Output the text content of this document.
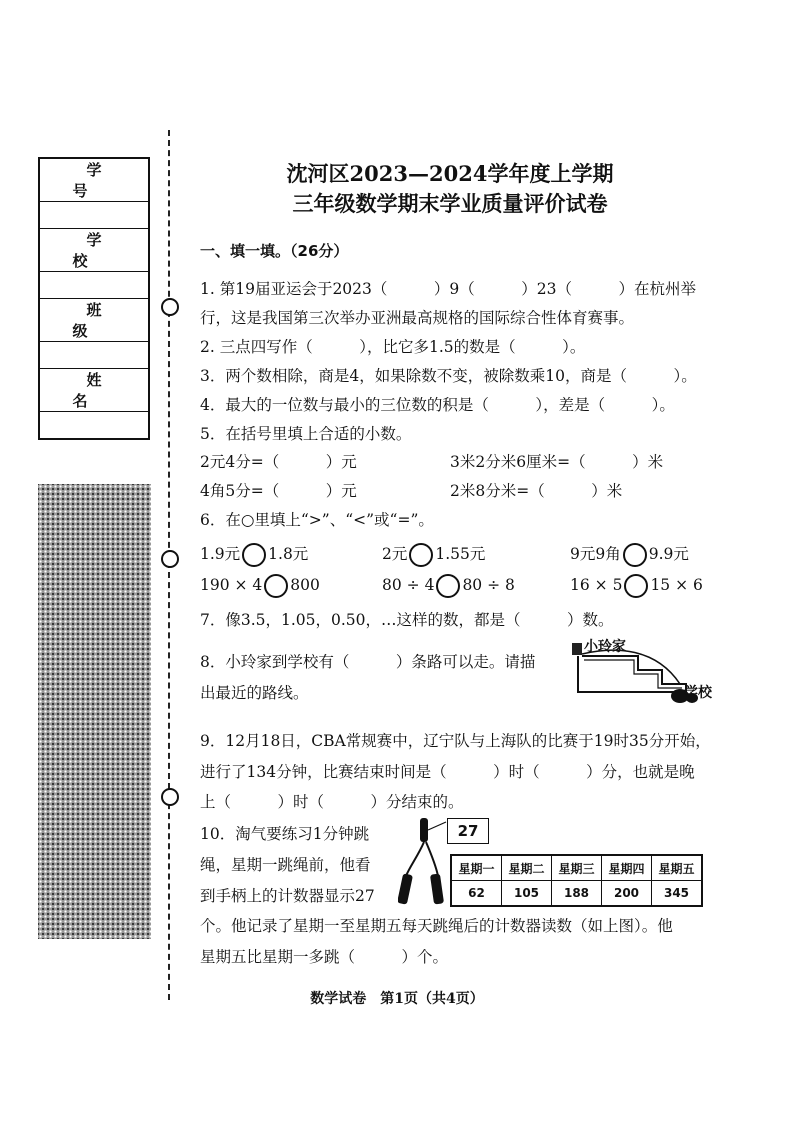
学 号

学 校

班 级

姓 名

沈河区2023—2024学年度上学期
三年级数学期末学业质量评价试卷
一、填一填。（26分）
1. 第19届亚运会于2023（　　　）9（　　　）23（　　　）在杭州举
行，这是我国第三次举办亚洲最高规格的国际综合性体育赛事。
2. 三点四写作（　　　），比它多1.5的数是（　　　）。
3．两个数相除，商是4，如果除数不变，被除数乘10，商是（　　　）。
4．最大的一位数与最小的三位数的积是（　　　），差是（　　　）。
5．在括号里填上合适的小数。
2元4分=（　　　）元	3米2分米6厘米=（　　　）米
4角5分=（　　　）元	2米8分米=（　　　）米
6．在○里填上“>”、“<”或“=”。
1.9元 1.8元	2元 1.55元	9元9角 9.9元
190 × 4 800	80 ÷ 4 80 ÷ 8	16 × 5 15 × 6
7．像3.5，1.05，0.50，…这样的数，都是（　　　）数。
8．小玲家到学校有（　　　）条路可以走。请描
出最近的路线。
小玲家
学校
9．12月18日，CBA常规赛中，辽宁队与上海队的比赛于19时35分开始，
进行了134分钟，比赛结束时间是（　　　）时（　　　）分，也就是晚
上（　　　）时（　　　）分结束的。
10．淘气要练习1分钟跳
绳，星期一跳绳前，他看
到手柄上的计数器显示27
个。他记录了星期一至星期五每天跳绳后的计数器读数（如上图）。他
星期五比星期一多跳（　　　）个。
27
星期一	星期二	星期三	星期四	星期五
62	105	188	200	345
数学试卷　第1页（共4页）
